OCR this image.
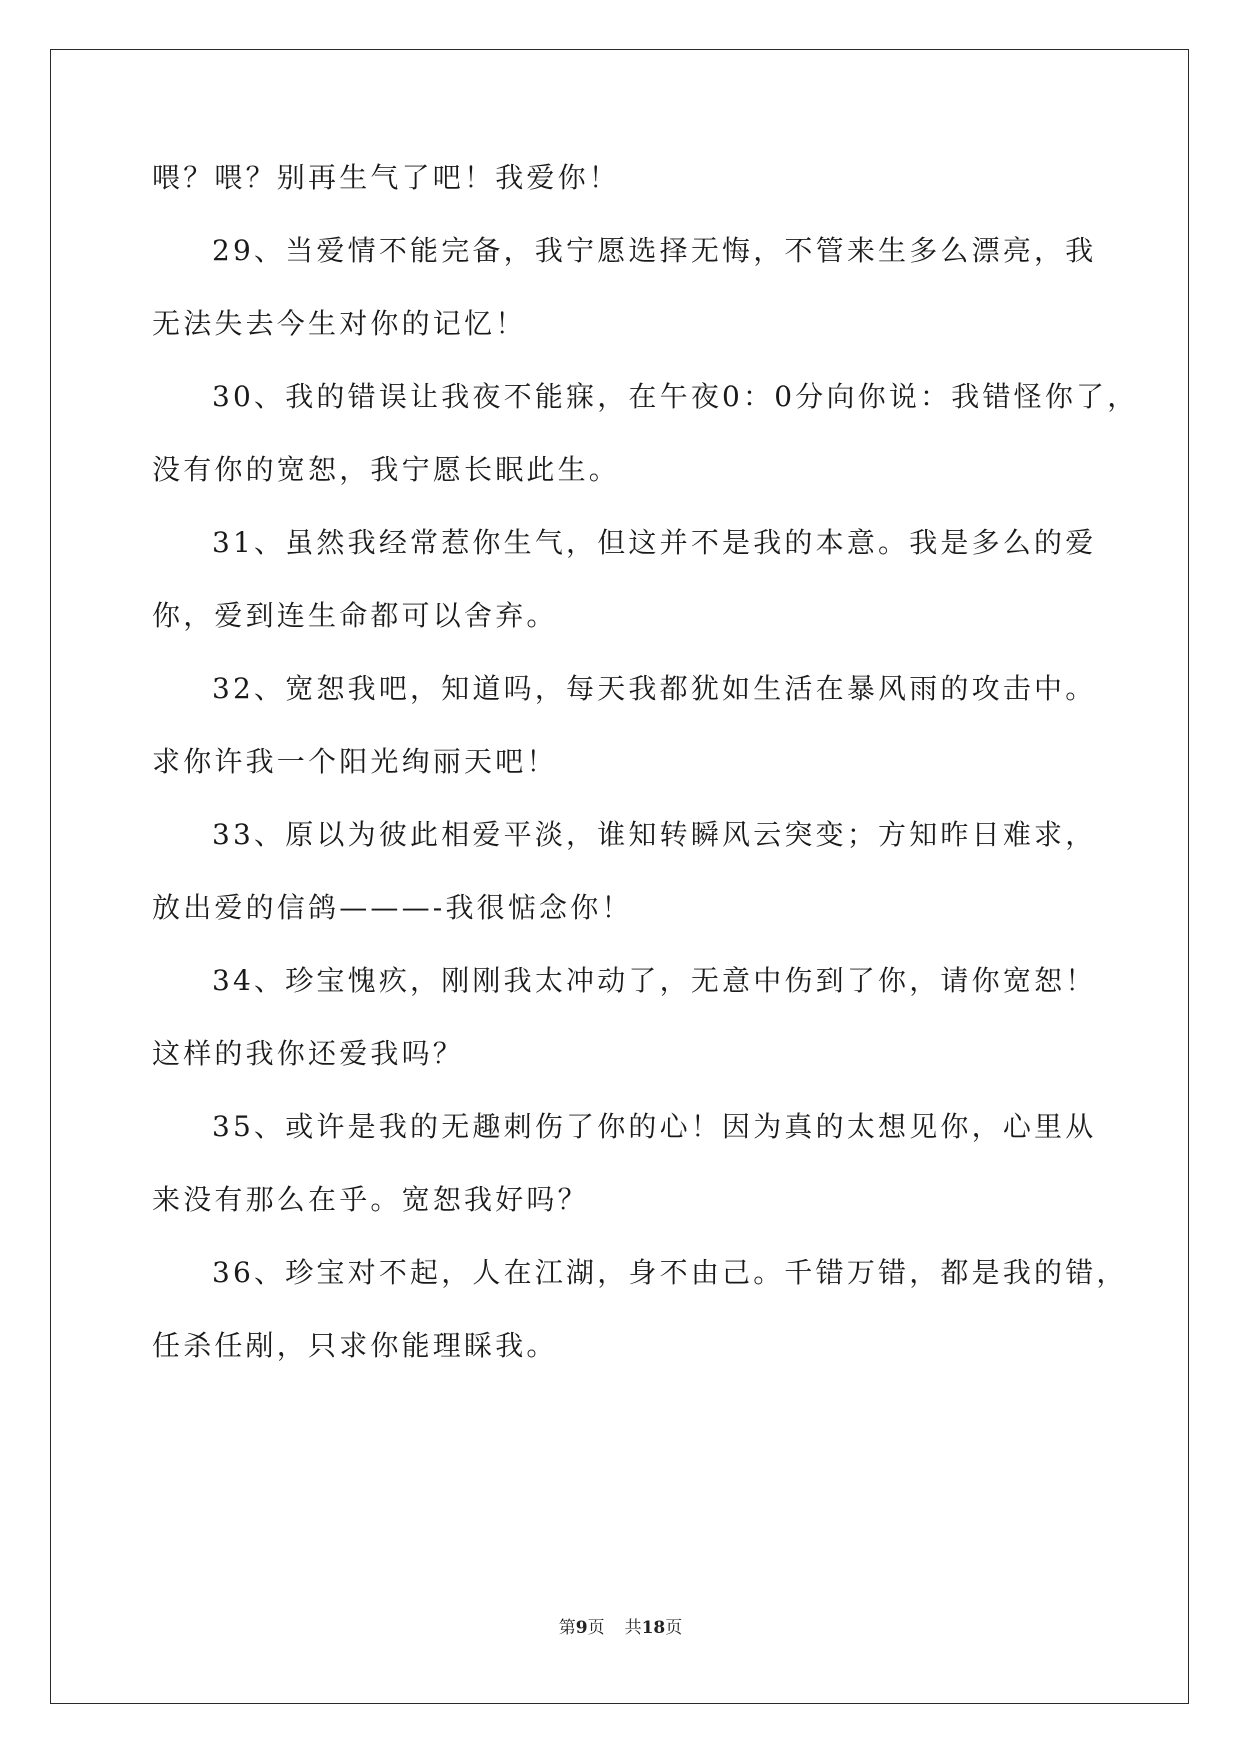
喂？喂？别再生气了吧！我爱你！
29、当爱情不能完备，我宁愿选择无悔，不管来生多么漂亮，我
无法失去今生对你的记忆！
30、我的错误让我夜不能寐，在午夜0：0分向你说：我错怪你了，
没有你的宽恕，我宁愿长眠此生。
31、虽然我经常惹你生气，但这并不是我的本意。我是多么的爱
你，爱到连生命都可以舍弃。
32、宽恕我吧，知道吗，每天我都犹如生活在暴风雨的攻击中。
求你许我一个阳光绚丽天吧！
33、原以为彼此相爱平淡，谁知转瞬风云突变；方知昨日难求，
放出爱的信鸽———-我很惦念你！
34、珍宝愧疚，刚刚我太冲动了，无意中伤到了你，请你宽恕！
这样的我你还爱我吗？
35、或许是我的无趣刺伤了你的心！因为真的太想见你，心里从
来没有那么在乎。宽恕我好吗？
36、珍宝对不起，人在江湖，身不由己。千错万错，都是我的错，
任杀任剐，只求你能理睬我。
第9页 共18页
